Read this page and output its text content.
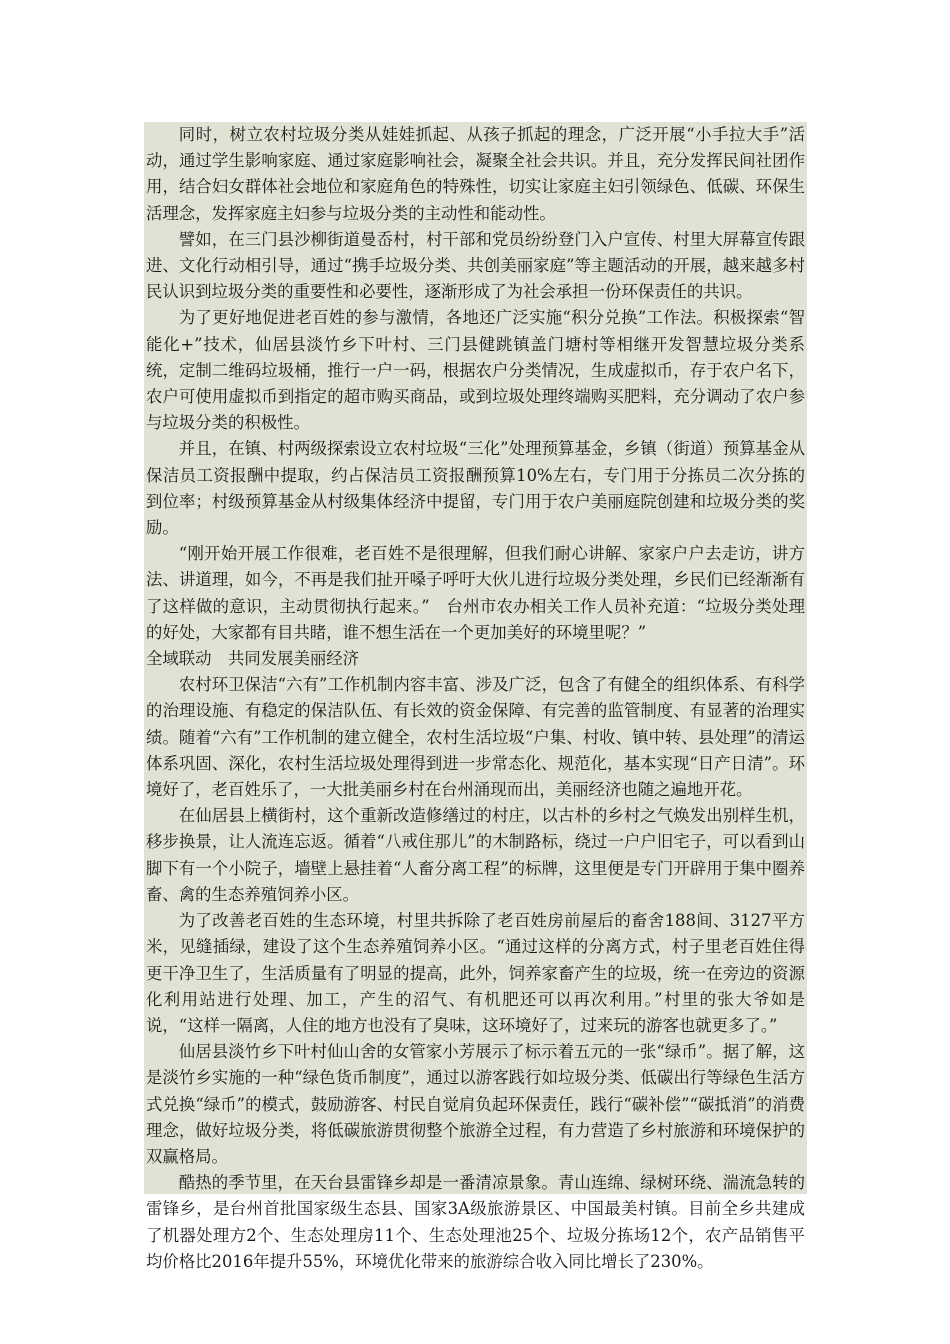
同时，树立农村垃圾分类从娃娃抓起、从孩子抓起的理念，广泛开展“小手拉大手”活动，通过学生影响家庭、通过家庭影响社会，凝聚全社会共识。并且，充分发挥民间社团作用，结合妇女群体社会地位和家庭角色的特殊性，切实让家庭主妇引领绿色、低碳、环保生活理念，发挥家庭主妇参与垃圾分类的主动性和能动性。

譬如，在三门县沙柳街道曼岙村，村干部和党员纷纷登门入户宣传、村里大屏幕宣传跟进、文化行动相引导，通过“携手垃圾分类、共创美丽家庭”等主题活动的开展，越来越多村民认识到垃圾分类的重要性和必要性，逐渐形成了为社会承担一份环保责任的共识。

为了更好地促进老百姓的参与激情，各地还广泛实施“积分兑换”工作法。积极探索“智能化+”技术，仙居县淡竹乡下叶村、三门县健跳镇盖门塘村等相继开发智慧垃圾分类系统，定制二维码垃圾桶，推行一户一码，根据农户分类情况，生成虚拟币，存于农户名下，农户可使用虚拟币到指定的超市购买商品，或到垃圾处理终端购买肥料，充分调动了农户参与垃圾分类的积极性。

并且，在镇、村两级探索设立农村垃圾“三化”处理预算基金，乡镇（街道）预算基金从保洁员工资报酬中提取，约占保洁员工资报酬预算10%左右，专门用于分拣员二次分拣的到位率；村级预算基金从村级集体经济中提留，专门用于农户美丽庭院创建和垃圾分类的奖励。

“刚开始开展工作很难，老百姓不是很理解，但我们耐心讲解、家家户户去走访，讲方法、讲道理，如今，不再是我们扯开嗓子呼吁大伙儿进行垃圾分类处理，乡民们已经渐渐有了这样做的意识，主动贯彻执行起来。”　台州市农办相关工作人员补充道：“垃圾分类处理的好处，大家都有目共睹，谁不想生活在一个更加美好的环境里呢？”

全域联动　共同发展美丽经济

农村环卫保洁“六有”工作机制内容丰富、涉及广泛，包含了有健全的组织体系、有科学的治理设施、有稳定的保洁队伍、有长效的资金保障、有完善的监管制度、有显著的治理实绩。随着“六有”工作机制的建立健全，农村生活垃圾“户集、村收、镇中转、县处理”的清运体系巩固、深化，农村生活垃圾处理得到进一步常态化、规范化，基本实现“日产日清”。环境好了，老百姓乐了，一大批美丽乡村在台州涌现而出，美丽经济也随之遍地开花。

在仙居县上横街村，这个重新改造修缮过的村庄，以古朴的乡村之气焕发出别样生机，移步换景，让人流连忘返。循着“八戒住那儿”的木制路标，绕过一户户旧宅子，可以看到山脚下有一个小院子，墙壁上悬挂着“人畜分离工程”的标牌，这里便是专门开辟用于集中圈养畜、禽的生态养殖饲养小区。

为了改善老百姓的生态环境，村里共拆除了老百姓房前屋后的畜舍188间、3127平方米，见缝插绿，建设了这个生态养殖饲养小区。“通过这样的分离方式，村子里老百姓住得更干净卫生了，生活质量有了明显的提高，此外，饲养家畜产生的垃圾，统一在旁边的资源化利用站进行处理、加工，产生的沼气、有机肥还可以再次利用。”村里的张大爷如是说，“这样一隔离，人住的地方也没有了臭味，这环境好了，过来玩的游客也就更多了。”

仙居县淡竹乡下叶村仙山舍的女管家小芳展示了标示着五元的一张“绿币”。据了解，这是淡竹乡实施的一种“绿色货币制度”，通过以游客践行如垃圾分类、低碳出行等绿色生活方式兑换“绿币”的模式，鼓励游客、村民自觉肩负起环保责任，践行“碳补偿”“碳抵消”的消费理念，做好垃圾分类，将低碳旅游贯彻整个旅游全过程，有力营造了乡村旅游和环境保护的双赢格局。

酷热的季节里，在天台县雷锋乡却是一番清凉景象。青山连绵、绿树环绕、湍流急转的雷锋乡，是台州首批国家级生态县、国家3A级旅游景区、中国最美村镇。目前全乡共建成了机器处理方2个、生态处理房11个、生态处理池25个、垃圾分拣场12个，农产品销售平均价格比2016年提升55%，环境优化带来的旅游综合收入同比增长了230%。
